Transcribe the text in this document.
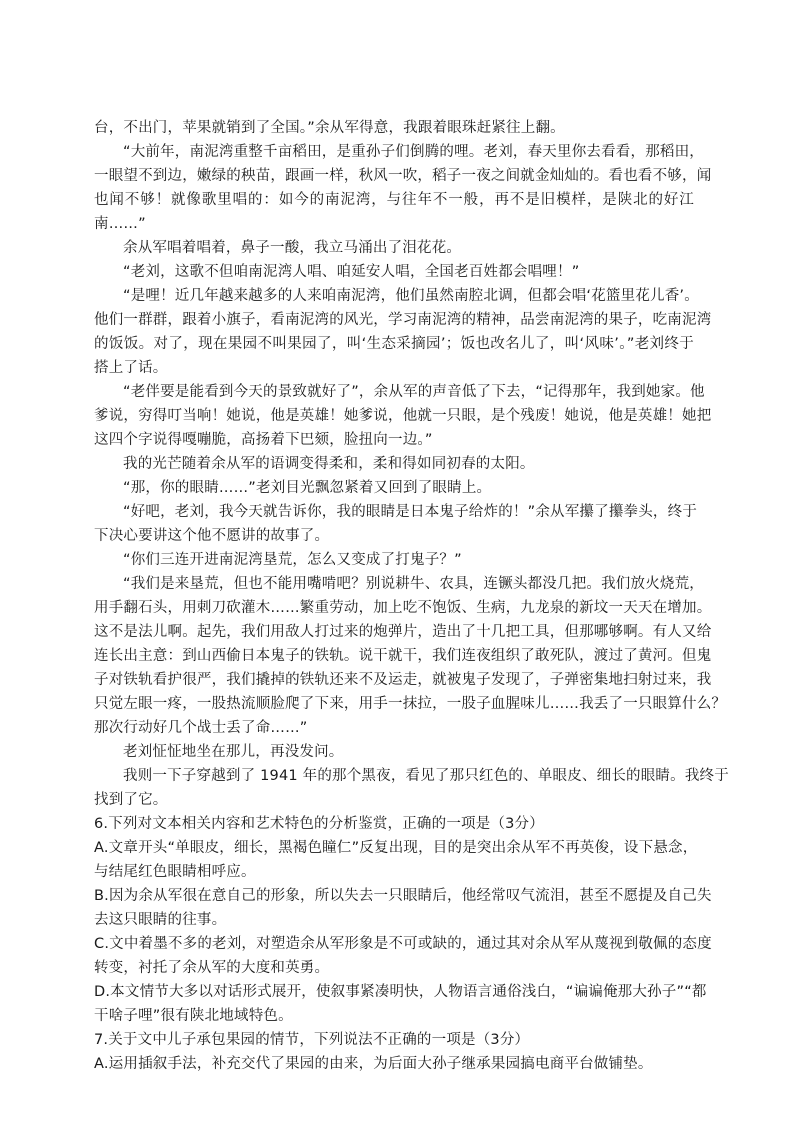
台，不出门，苹果就销到了全国。”余从军得意，我跟着眼珠赶紧往上翻。
“大前年，南泥湾重整千亩稻田，是重孙子们倒腾的哩。老刘，春天里你去看看，那稻田，
一眼望不到边，嫩绿的秧苗，跟画一样，秋风一吹，稻子一夜之间就金灿灿的。看也看不够，闻
也闻不够！就像歌里唱的：如今的南泥湾，与往年不一般，再不是旧模样，是陕北的好江
南……”
余从军唱着唱着，鼻子一酸，我立马涌出了泪花花。
“老刘，这歌不但咱南泥湾人唱、咱延安人唱，全国老百姓都会唱哩！”
“是哩！近几年越来越多的人来咱南泥湾，他们虽然南腔北调，但都会唱‘花篮里花儿香’。
他们一群群，跟着小旗子，看南泥湾的风光，学习南泥湾的精神，品尝南泥湾的果子，吃南泥湾
的饭饭。对了，现在果园不叫果园了，叫‘生态采摘园’；饭也改名儿了，叫‘风味’。”老刘终于
搭上了话。
“老伴要是能看到今天的景致就好了”，余从军的声音低了下去，“记得那年，我到她家。他
爹说，穷得叮当响！她说，他是英雄！她爹说，他就一只眼，是个残废！她说，他是英雄！她把
这四个字说得嘎嘣脆，高扬着下巴颏，脸扭向一边。”
我的光芒随着余从军的语调变得柔和，柔和得如同初春的太阳。
“那，你的眼睛……”老刘目光飘忽紧着又回到了眼睛上。
“好吧，老刘，我今天就告诉你，我的眼睛是日本鬼子给炸的！”余从军攥了攥拳头，终于
下决心要讲这个他不愿讲的故事了。
“你们三连开进南泥湾垦荒，怎么又变成了打鬼子？”
“我们是来垦荒，但也不能用嘴啃吧？别说耕牛、农具，连镢头都没几把。我们放火烧荒，
用手翻石头，用刺刀砍灌木……繁重劳动，加上吃不饱饭、生病，九龙泉的新坟一天天在增加。
这不是法儿啊。起先，我们用敌人打过来的炮弹片，造出了十几把工具，但那哪够啊。有人又给
连长出主意：到山西偷日本鬼子的铁轨。说干就干，我们连夜组织了敢死队，渡过了黄河。但鬼
子对铁轨看护很严，我们撬掉的铁轨还来不及运走，就被鬼子发现了，子弹密集地扫射过来，我
只觉左眼一疼，一股热流顺脸爬了下来，用手一抹拉，一股子血腥味儿……我丢了一只眼算什么？
那次行动好几个战士丢了命……”
老刘怔怔地坐在那儿，再没发问。
我则一下子穿越到了 1941 年的那个黑夜，看见了那只红色的、单眼皮、细长的眼睛。我终于
找到了它。
6.下列对文本相关内容和艺术特色的分析鉴赏，正确的一项是（3分）
A.文章开头“单眼皮，细长，黑褐色瞳仁”反复出现，目的是突出余从军不再英俊，设下悬念，
与结尾红色眼睛相呼应。
B.因为余从军很在意自己的形象，所以失去一只眼睛后，他经常叹气流泪，甚至不愿提及自己失
去这只眼睛的往事。
C.文中着墨不多的老刘，对塑造余从军形象是不可或缺的，通过其对余从军从蔑视到敬佩的态度
转变，衬托了余从军的大度和英勇。
D.本文情节大多以对话形式展开，使叙事紧凑明快，人物语言通俗浅白，“谝谝俺那大孙子”“都
干啥子哩”很有陕北地域特色。
7.关于文中儿子承包果园的情节，下列说法不正确的一项是（3分）
A.运用插叙手法，补充交代了果园的由来，为后面大孙子继承果园搞电商平台做铺垫。
